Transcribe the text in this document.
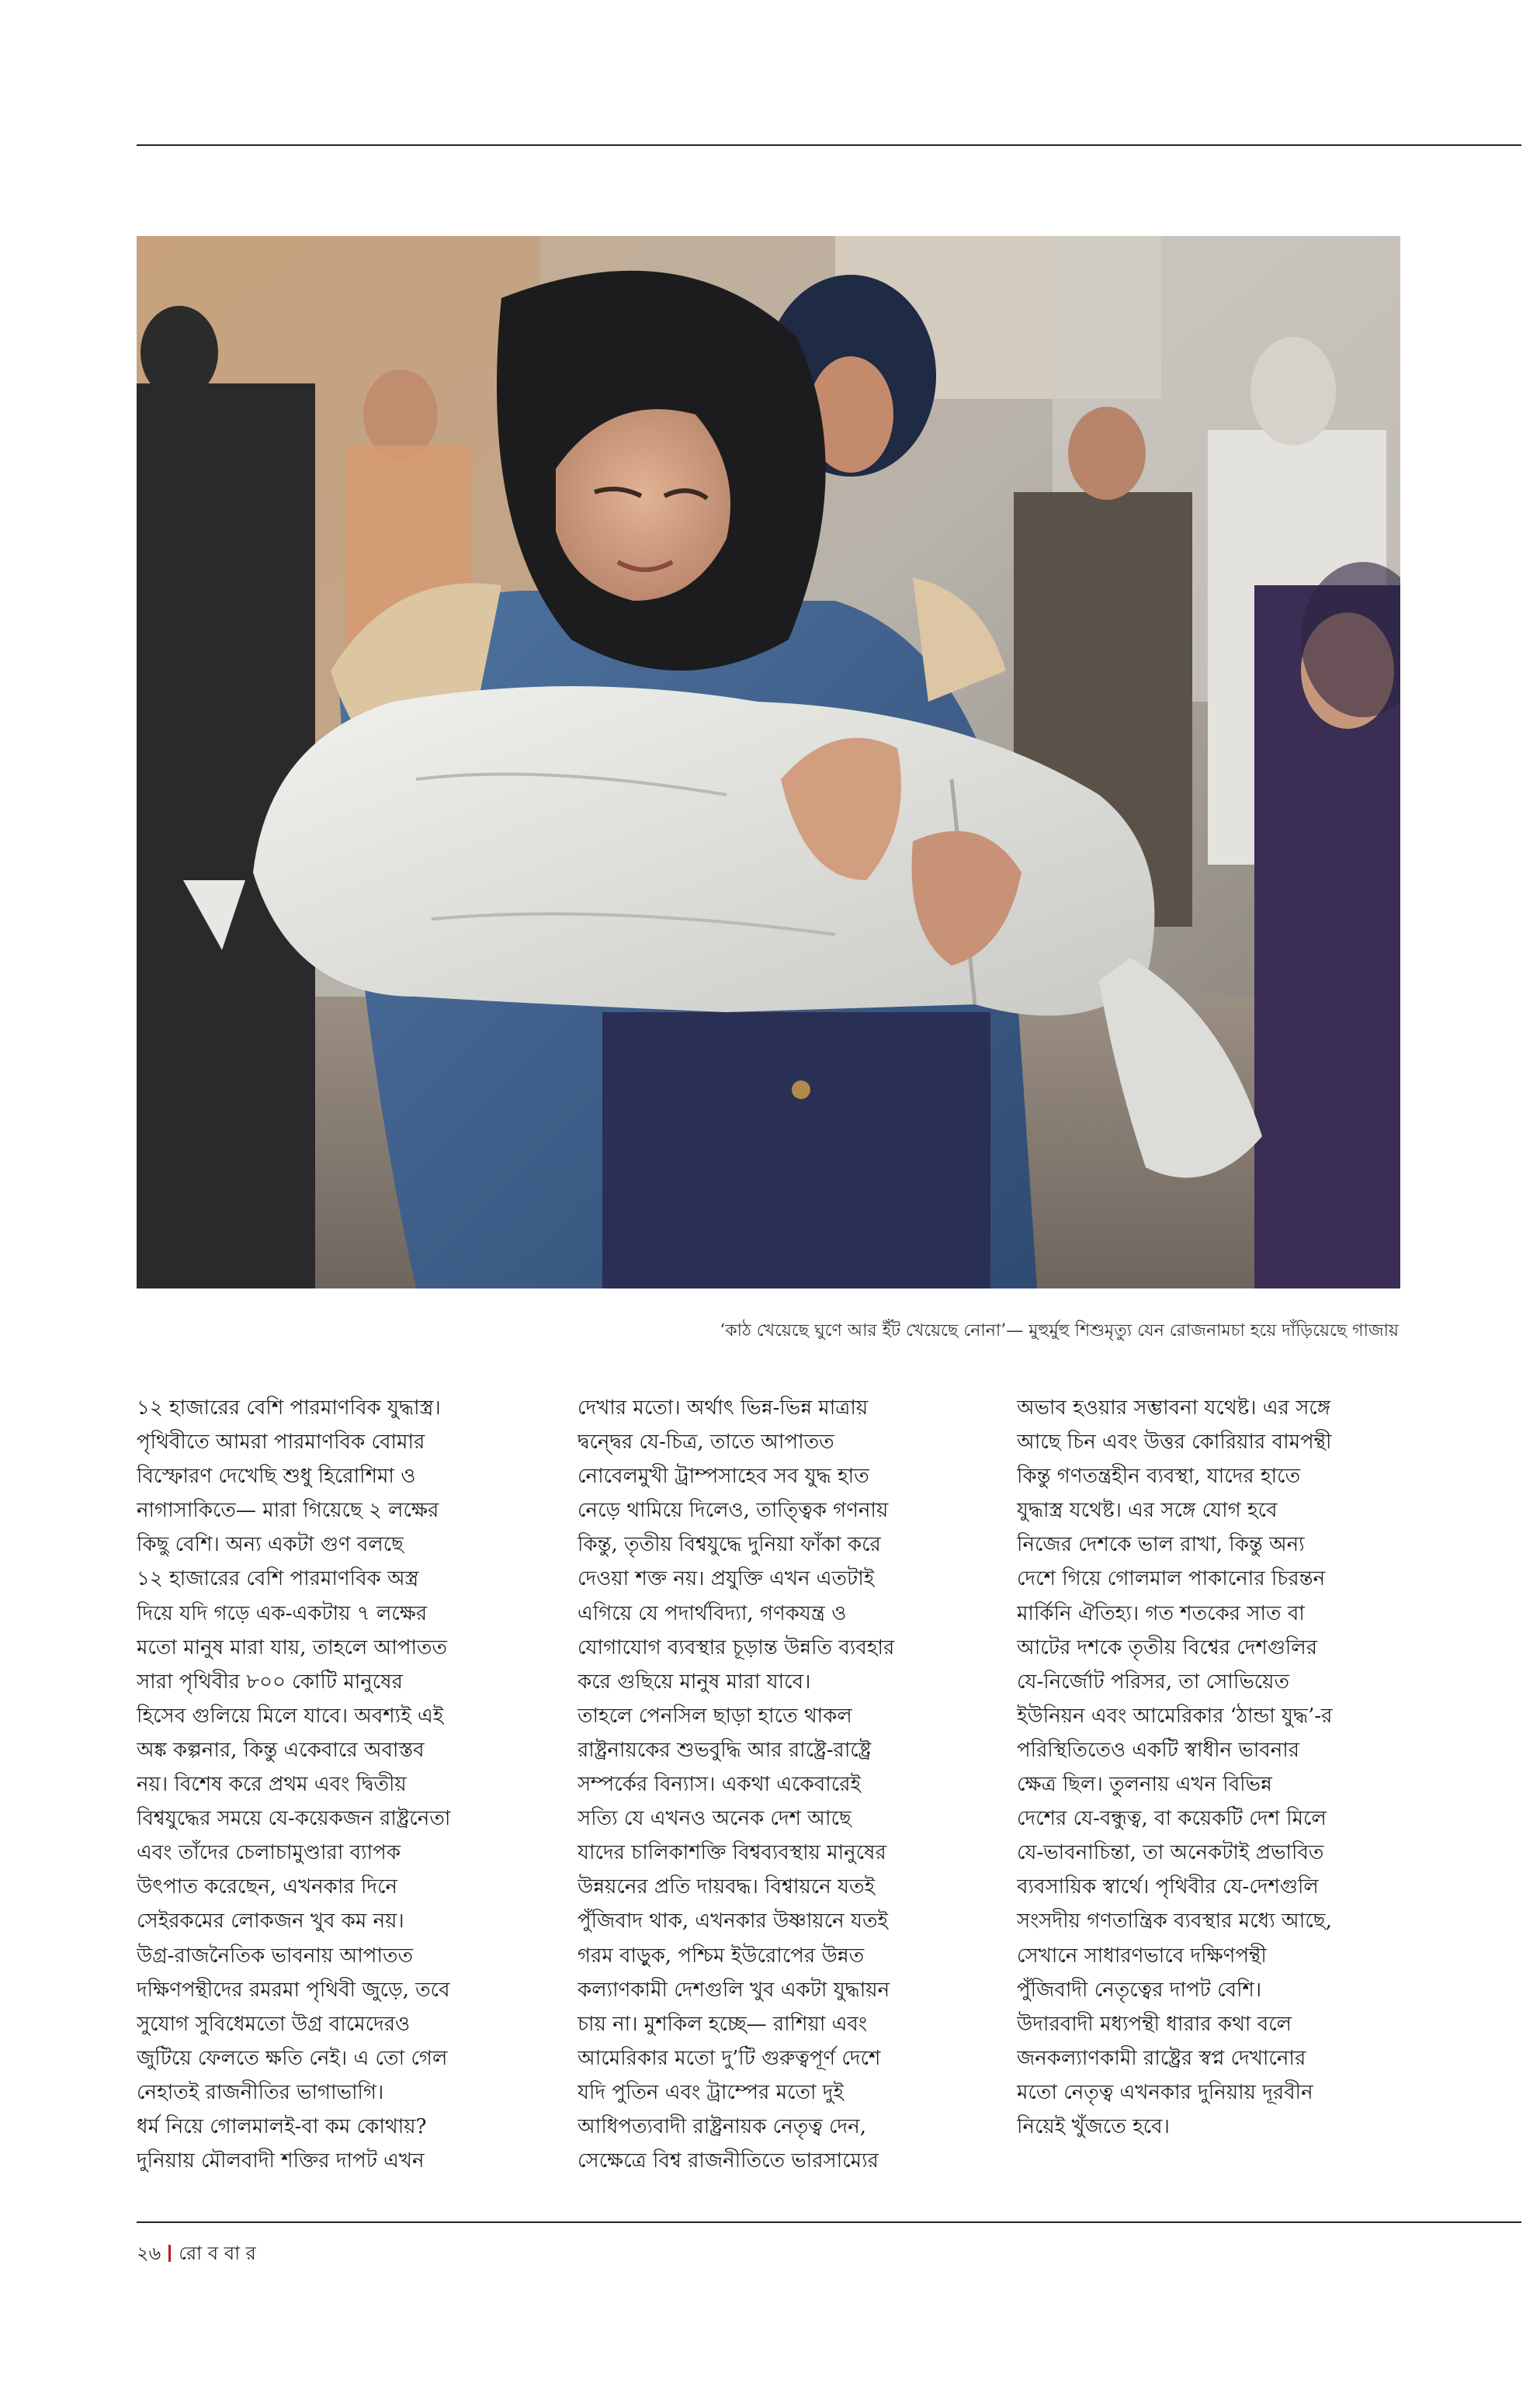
‘কাঠ খেয়েছে ঘুণে আর ইঁট খেয়েছে নোনা’— মুহুর্মুহু শিশুমৃত্যু যেন রোজনামচা হয়ে দাঁড়িয়েছে গাজায়
১২ হাজারের বেশি পারমাণবিক যুদ্ধাস্ত্র।
পৃথিবীতে আমরা পারমাণবিক বোমার
বিস্ফোরণ দেখেছি শুধু হিরোশিমা ও
নাগাসাকিতে— মারা গিয়েছে ২ লক্ষের
কিছু বেশি। অন্য একটা গুণ বলছে
১২ হাজারের বেশি পারমাণবিক অস্ত্র
দিয়ে যদি গড়ে এক-একটায় ৭ লক্ষের
মতো মানুষ মারা যায়, তাহলে আপাতত
সারা পৃথিবীর ৮০০ কোটি মানুষের
হিসেব গুলিয়ে মিলে যাবে। অবশ্যই এই
অঙ্ক কল্পনার, কিন্তু একেবারে অবাস্তব
নয়। বিশেষ করে প্রথম এবং দ্বিতীয়
বিশ্বযুদ্ধের সময়ে যে-কয়েকজন রাষ্ট্রনেতা
এবং তাঁদের চেলাচামুণ্ডারা ব্যাপক
উৎপাত করেছেন, এখনকার দিনে
সেইরকমের লোকজন খুব কম নয়।
উগ্র-রাজনৈতিক ভাবনায় আপাতত
দক্ষিণপন্থীদের রমরমা পৃথিবী জুড়ে, তবে
সুযোগ সুবিধেমতো উগ্র বামেদেরও
জুটিয়ে ফেলতে ক্ষতি নেই। এ তো গেল
নেহাতই রাজনীতির ভাগাভাগি।
ধর্ম নিয়ে গোলমালই-বা কম কোথায়?
দুনিয়ায় মৌলবাদী শক্তির দাপট এখন
দেখার মতো। অর্থাৎ ভিন্ন-ভিন্ন মাত্রায়
দ্বন্দ্বের যে-চিত্র, তাতে আপাতত
নোবেলমুখী ট্রাম্পসাহেব সব যুদ্ধ হাত
নেড়ে থামিয়ে দিলেও, তাত্ত্বিক গণনায়
কিন্তু, তৃতীয় বিশ্বযুদ্ধে দুনিয়া ফাঁকা করে
দেওয়া শক্ত নয়। প্রযুক্তি এখন এতটাই
এগিয়ে যে পদার্থবিদ্যা, গণকযন্ত্র ও
যোগাযোগ ব্যবস্থার চূড়ান্ত উন্নতি ব্যবহার
করে গুছিয়ে মানুষ মারা যাবে।
তাহলে পেনসিল ছাড়া হাতে থাকল
রাষ্ট্রনায়কের শুভবুদ্ধি আর রাষ্ট্রে-রাষ্ট্রে
সম্পর্কের বিন্যাস। একথা একেবারেই
সত্যি যে এখনও অনেক দেশ আছে
যাদের চালিকাশক্তি বিশ্বব্যবস্থায় মানুষের
উন্নয়নের প্রতি দায়বদ্ধ। বিশ্বায়নে যতই
পুঁজিবাদ থাক, এখনকার উষ্ণায়নে যতই
গরম বাড়ুক, পশ্চিম ইউরোপের উন্নত
কল্যাণকামী দেশগুলি খুব একটা যুদ্ধায়ন
চায় না। মুশকিল হচ্ছে— রাশিয়া এবং
আমেরিকার মতো দু’টি গুরুত্বপূর্ণ দেশে
যদি পুতিন এবং ট্রাম্পের মতো দুই
আধিপত্যবাদী রাষ্ট্রনায়ক নেতৃত্ব দেন,
সেক্ষেত্রে বিশ্ব রাজনীতিতে ভারসাম্যের
অভাব হওয়ার সম্ভাবনা যথেষ্ট। এর সঙ্গে
আছে চিন এবং উত্তর কোরিয়ার বামপন্থী
কিন্তু গণতন্ত্রহীন ব্যবস্থা, যাদের হাতে
যুদ্ধাস্ত্র যথেষ্ট। এর সঙ্গে যোগ হবে
নিজের দেশকে ভাল রাখা, কিন্তু অন্য
দেশে গিয়ে গোলমাল পাকানোর চিরন্তন
মার্কিনি ঐতিহ্য। গত শতকের সাত বা
আটের দশকে তৃতীয় বিশ্বের দেশগুলির
যে-নির্জোট পরিসর, তা সোভিয়েত
ইউনিয়ন এবং আমেরিকার ‘ঠান্ডা যুদ্ধ’-র
পরিস্থিতিতেও একটি স্বাধীন ভাবনার
ক্ষেত্র ছিল। তুলনায় এখন বিভিন্ন
দেশের যে-বন্ধুত্ব, বা কয়েকটি দেশ মিলে
যে-ভাবনাচিন্তা, তা অনেকটাই প্রভাবিত
ব্যবসায়িক স্বার্থে। পৃথিবীর যে-দেশগুলি
সংসদীয় গণতান্ত্রিক ব্যবস্থার মধ্যে আছে,
সেখানে সাধারণভাবে দক্ষিণপন্থী
পুঁজিবাদী নেতৃত্বের দাপট বেশি।
উদারবাদী মধ্যপন্থী ধারার কথা বলে
জনকল্যাণকামী রাষ্ট্রের স্বপ্ন দেখানোর
মতো নেতৃত্ব এখনকার দুনিয়ায় দূরবীন
নিয়েই খুঁজতে হবে।
২৬ রো ব বা র
